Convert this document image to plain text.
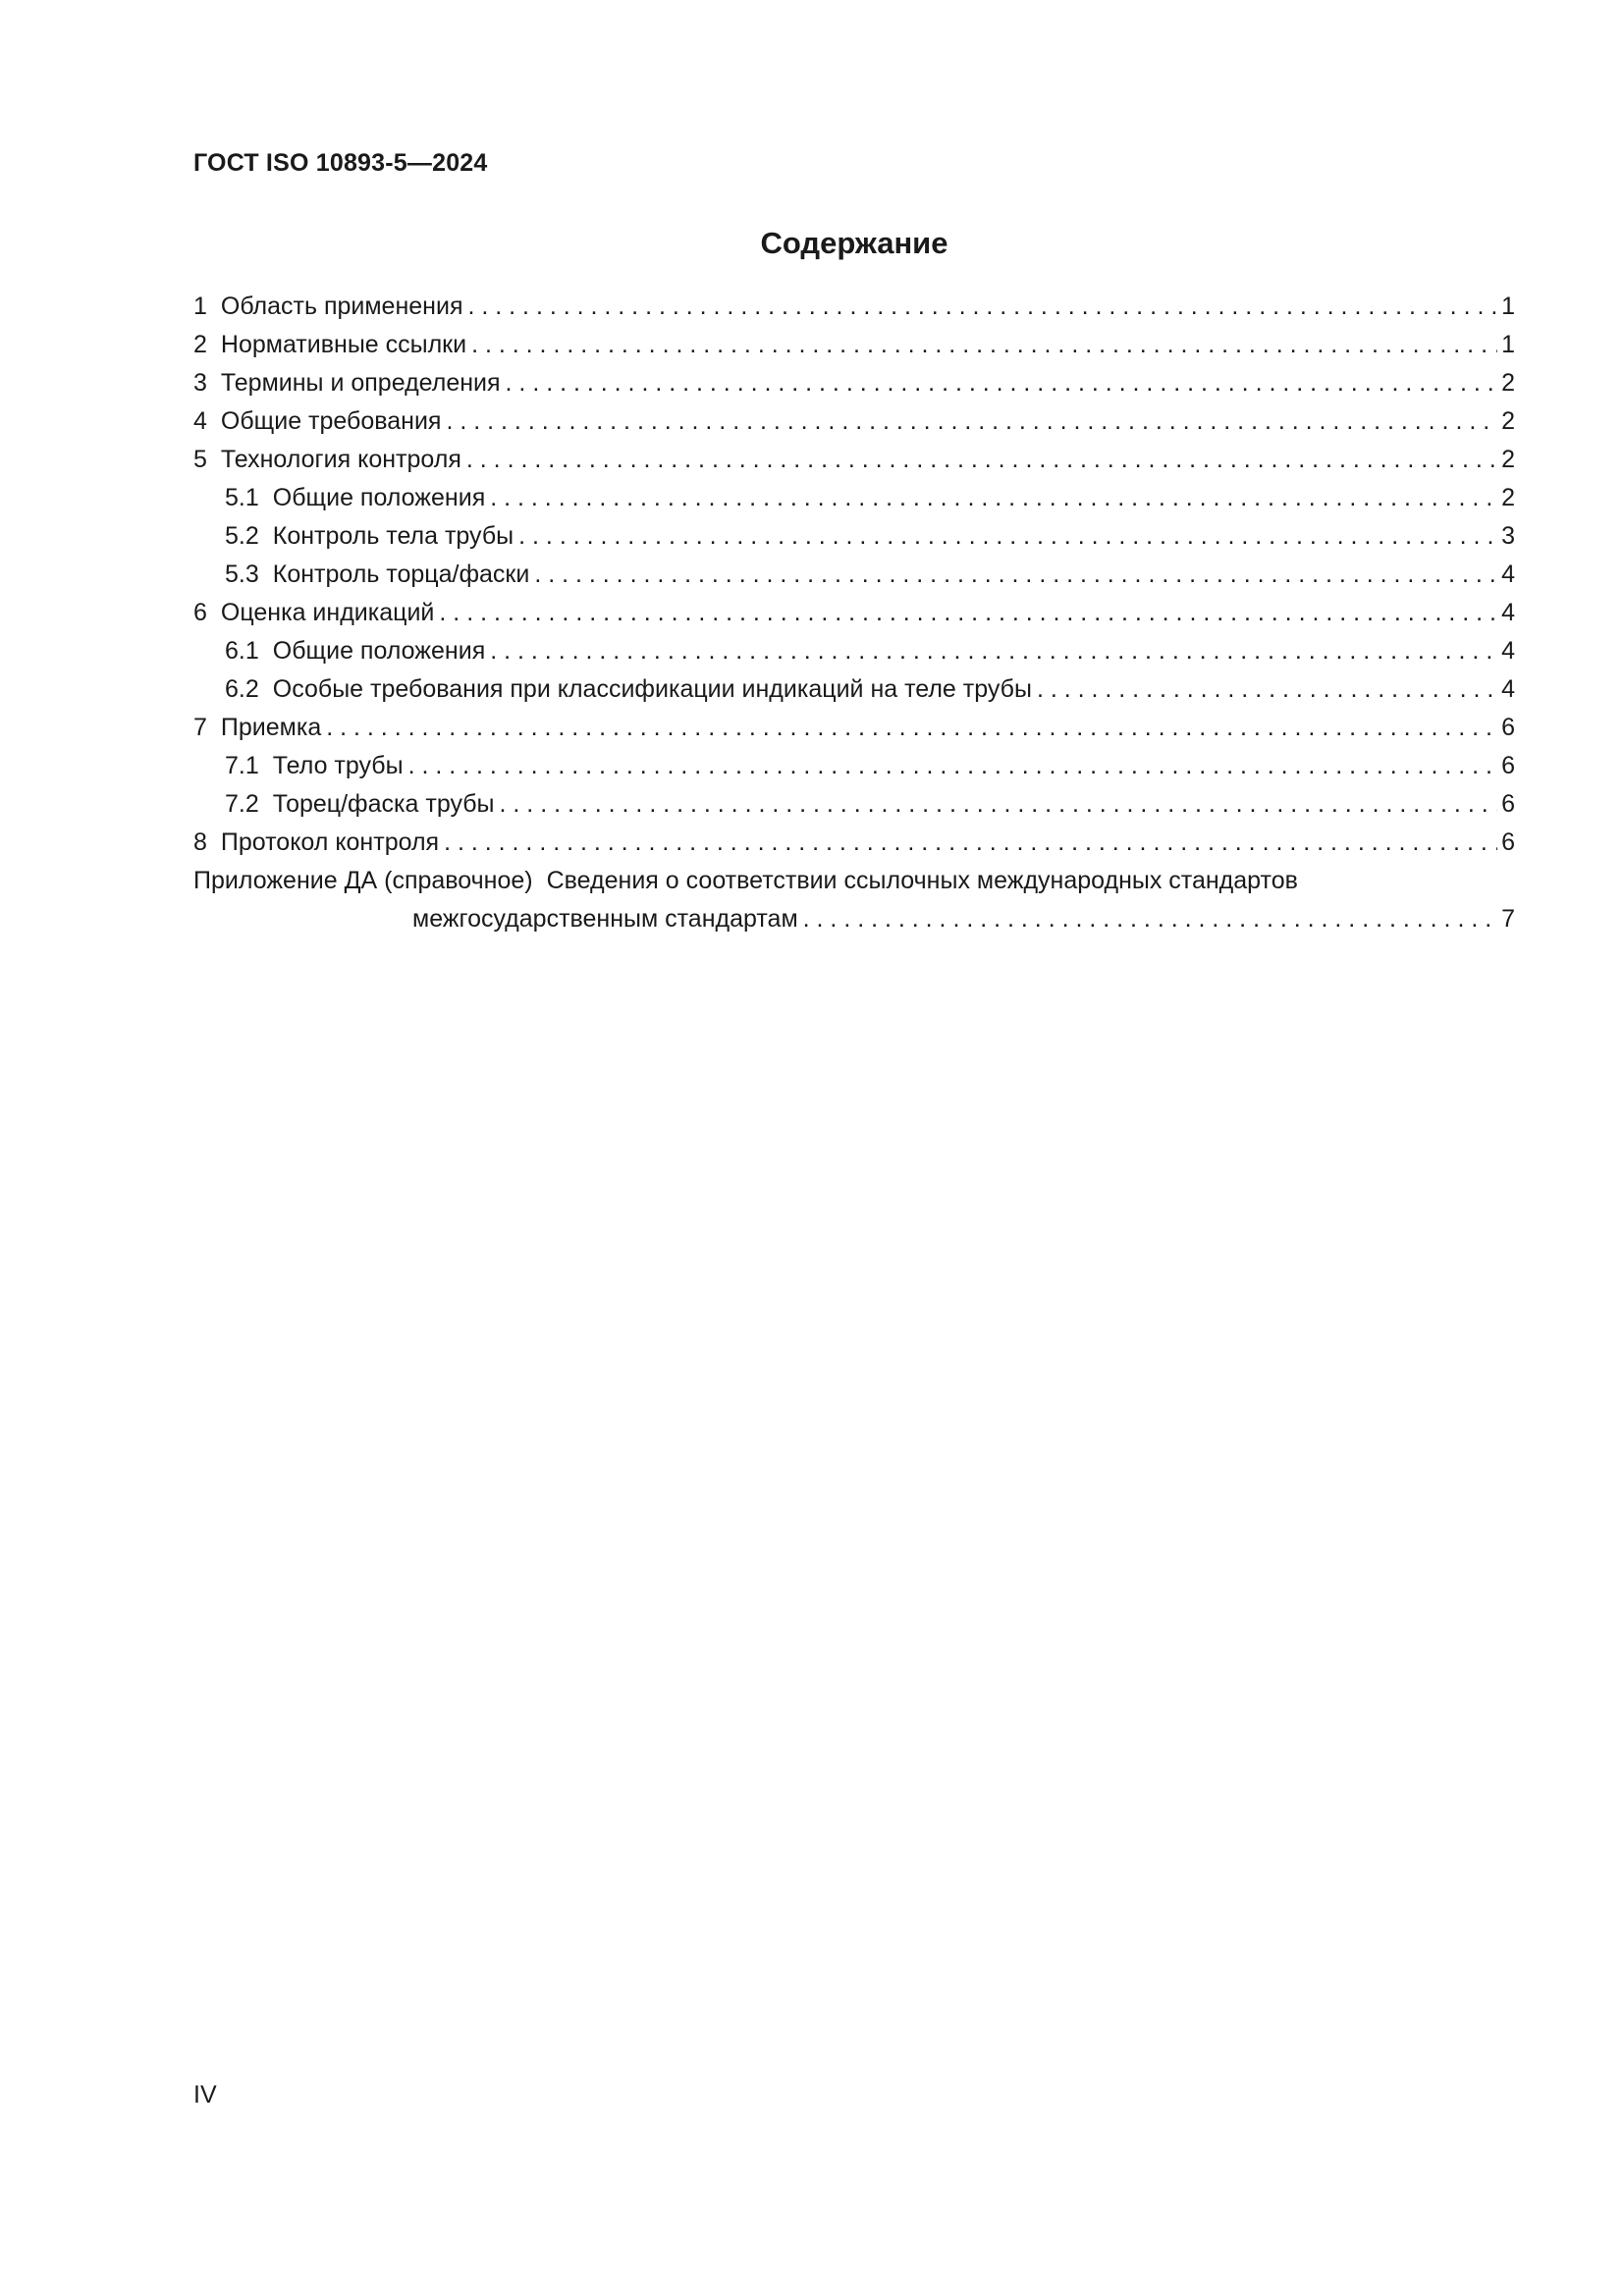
ГОСТ ISO 10893-5—2024
Содержание
1 Область применения . . .	1
2 Нормативные ссылки . . .	1
3 Термины и определения . . .	2
4 Общие требования . . .	2
5 Технология контроля . . .	2
5.1 Общие положения . . .	2
5.2 Контроль тела трубы . . .	3
5.3 Контроль торца/фаски . . .	4
6 Оценка индикаций . . .	4
6.1 Общие положения . . .	4
6.2 Особые требования при классификации индикаций на теле трубы . . .	4
7 Приемка . . .	6
7.1 Тело трубы . . .	6
7.2 Торец/фаска трубы . . .	6
8 Протокол контроля . . .	6
Приложение ДА (справочное) Сведения о соответствии ссылочных международных стандартов
межгосударственным стандартам . . .	7
IV
